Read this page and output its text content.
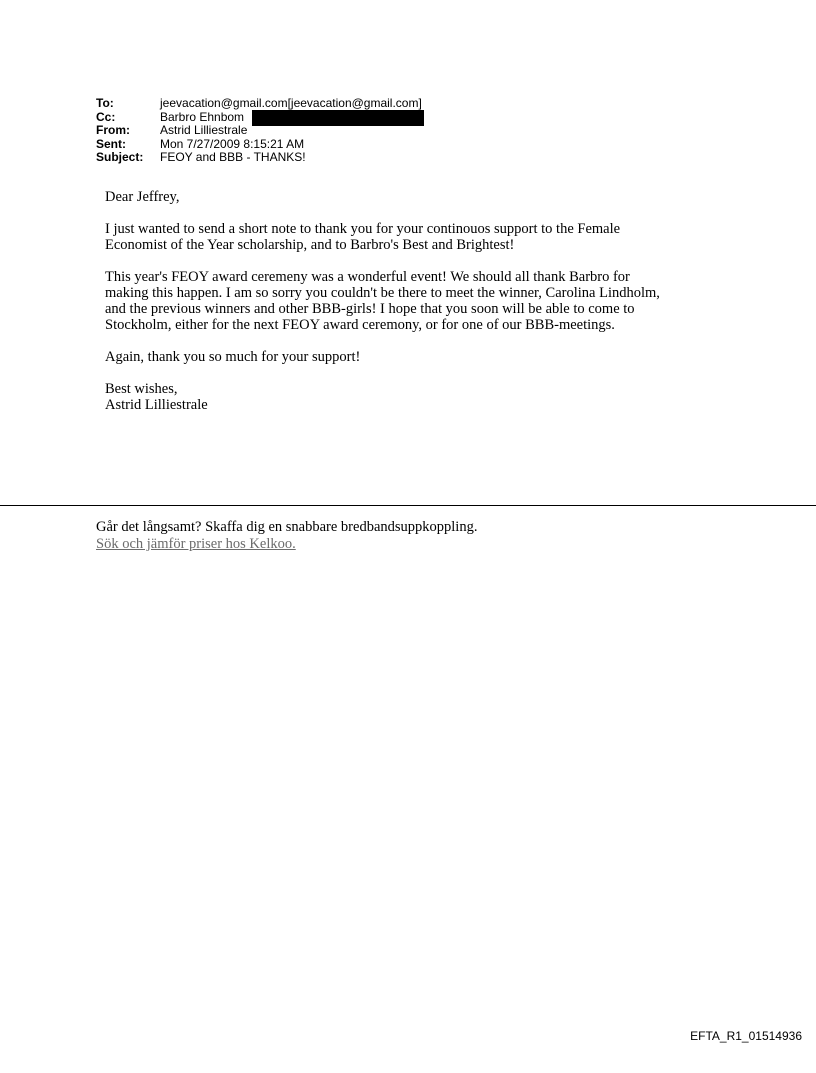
To:	jeevacation@gmail.com[jeevacation@gmail.com]
Cc:	Barbro Ehnbom
From:	Astrid Lilliestrale
Sent:	Mon 7/27/2009 8:15:21 AM
Subject:	FEOY and BBB - THANKS!

Dear Jeffrey,

I just wanted to send a short note to thank you for your continouos support to the Female
Economist of the Year scholarship, and to Barbro's Best and Brightest!

This year's FEOY award ceremeny was a wonderful event! We should all thank Barbro for
making this happen. I am so sorry you couldn't be there to meet the winner, Carolina Lindholm,
and the previous winners and other BBB-girls! I hope that you soon will be able to come to
Stockholm, either for the next FEOY award ceremony, or for one of our BBB-meetings.

Again, thank you so much for your support!

Best wishes,
Astrid Lilliestrale

Går det långsamt? Skaffa dig en snabbare bredbandsuppkoppling.
Sök och jämför priser hos Kelkoo.
EFTA_R1_01514936
